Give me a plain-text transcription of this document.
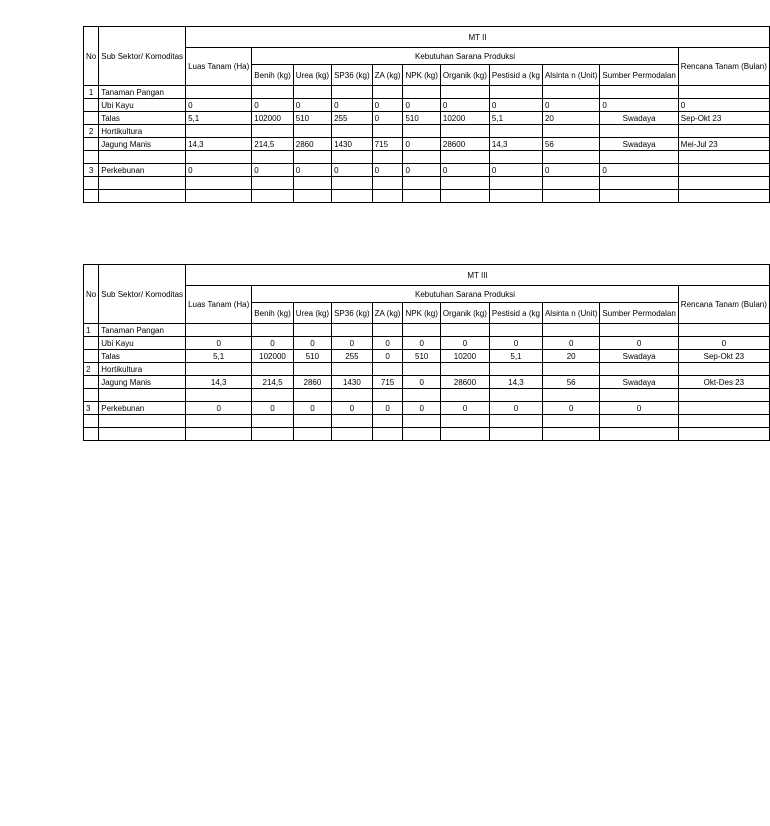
No	Sub Sektor/ Komoditas	MT II										
		Luas Tanam (Ha)	Kebutuhan Sarana Produksi									Rencana Tanam (Bulan)
			Benih (kg)	Urea (kg)	SP36 (kg)	ZA (kg)	NPK (kg)	Organik (kg)	Pestisid a (kg	Alsinta n (Unit)	Sumber Permodalan	
1	Tanaman Pangan											
	Ubi Kayu	0	0	0	0	0	0	0	0	0	0	0
	Talas	5,1	102000	510	255	0	510	10200	5,1	20	Swadaya	Sep-Okt 23
2	Hortikultura											
	Jagung Manis	14,3	214,5	2860	1430	715	0	28600	14,3	56	Swadaya	Mei-Jul 23

3	Perkebunan	0	0	0	0	0	0	0	0	0	0	

No	Sub Sektor/ Komoditas	MT III										
		Luas Tanam (Ha)	Kebutuhan Sarana Produksi									Rencana Tanam (Bulan)
			Benih (kg)	Urea (kg)	SP36 (kg)	ZA (kg)	NPK (kg)	Organik (kg)	Pestisid a (kg	Alsinta n (Unit)	Sumber Permodalan	
1	Tanaman Pangan											
	Ubi Kayu	0	0	0	0	0	0	0	0	0	0	0
	Talas	5,1	102000	510	255	0	510	10200	5,1	20	Swadaya	Sep-Okt 23
2	Hortikultura											
	Jagung Manis	14,3	214,5	2860	1430	715	0	28600	14,3	56	Swadaya	Okt-Des 23

3	Perkebunan	0	0	0	0	0	0	0	0	0	0	
